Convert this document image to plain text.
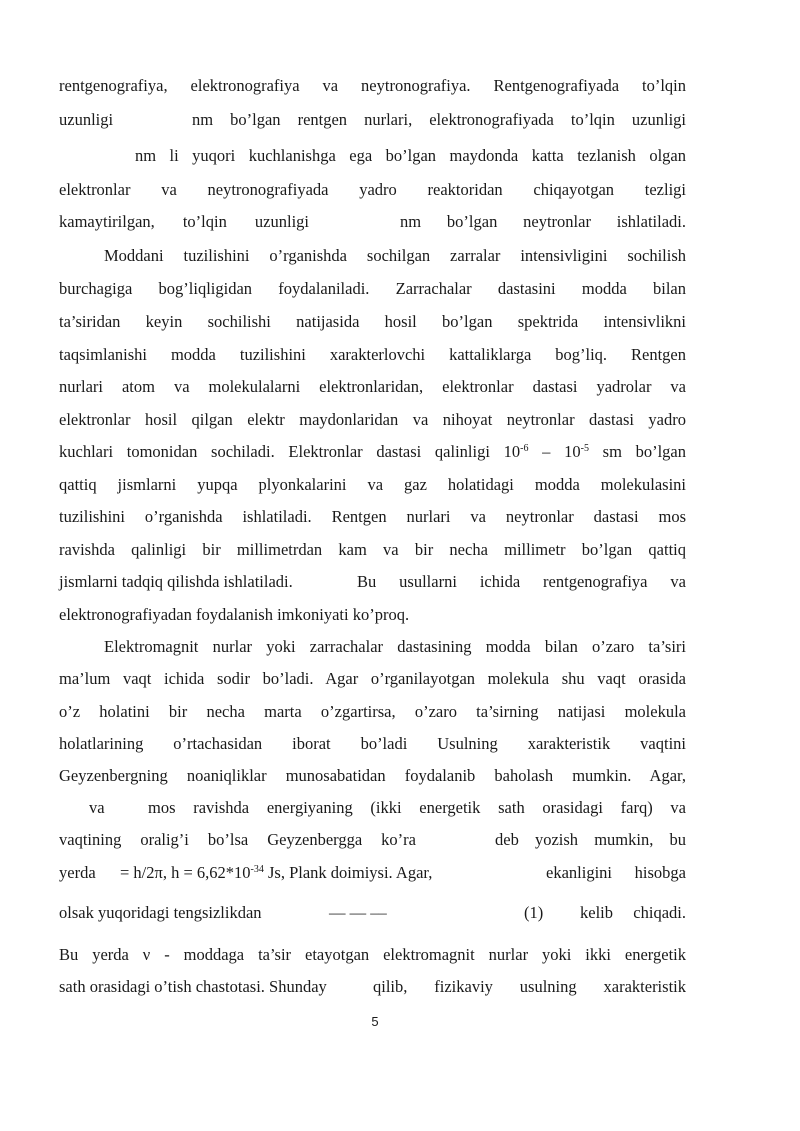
rentgenografiya, elektronografiya va neytronografiya. Rentgenografiyada to’lqin
uzunligi	nm bo’lgan rentgen nurlari, elektronografiyada to’lqin uzunligi
nm li yuqori kuchlanishga ega bo’lgan maydonda katta tezlanish olgan
elektronlar va neytronografiyada yadro reaktoridan chiqayotgan tezligi
kamaytirilgan, to’lqin uzunligi	nm bo’lgan neytronlar ishlatiladi.
Moddani tuzilishini o’rganishda sochilgan zarralar intensivligini sochilish
burchagiga bog’liqligidan foydalaniladi. Zarrachalar dastasini modda bilan
ta’siridan keyin sochilishi natijasida hosil bo’lgan spektrida intensivlikni
taqsimlanishi modda tuzilishini xarakterlovchi kattaliklarga bog’liq. Rentgen
nurlari atom va molekulalarni elektronlaridan, elektronlar dastasi yadrolar va
elektronlar hosil qilgan elektr maydonlaridan va nihoyat neytronlar dastasi yadro
kuchlari tomonidan sochiladi. Elektronlar dastasi qalinligi $10^{-6} - 10^{-5}$ sm bo’lgan
qattiq jismlarni yupqa plyonkalarini va gaz holatidagi modda molekulasini
tuzilishini o’rganishda ishlatiladi. Rentgen nurlari va neytronlar dastasi mos
ravishda qalinligi bir millimetrdan kam va bir necha millimetr bo’lgan qattiq
jismlarni tadqiq qilishda ishlatiladi.	Bu usullarni ichida rentgenografiya va
elektronografiyadan foydalanish imkoniyati ko’proq.
Elektromagnit nurlar yoki zarrachalar dastasining modda bilan o’zaro ta’siri
ma’lum vaqt ichida sodir bo’ladi. Agar o’rganilayotgan molekula shu vaqt orasida
o’z holatini bir necha marta o’zgartirsa, o’zaro ta’sirning natijasi molekula
holatlarining o’rtachasidan iborat bo’ladi Usulning xarakteristik vaqtini
Geyzenbergning noaniqliklar munosabatidan foydalanib baholash mumkin. Agar,
va	mos ravishda energiyaning (ikki energetik sath orasidagi farq) va
vaqtining oralig’i bo’lsa Geyzenbergga ko’ra	deb yozish mumkin, bu
yerda = h/2π, $h = 6,62*10^{-34}$ Js, Plank doimiysi. Agar,	ekanligini hisobga
olsak yuqoridagi tengsizlikdan	— — ––	(1) kelib chiqadi.
Bu yerda ν - moddaga ta’sir etayotgan elektromagnit nurlar yoki ikki energetik
sath orasidagi o’tish chastotasi. Shunday	qilib, fizikaviy usulning xarakteristik
5
